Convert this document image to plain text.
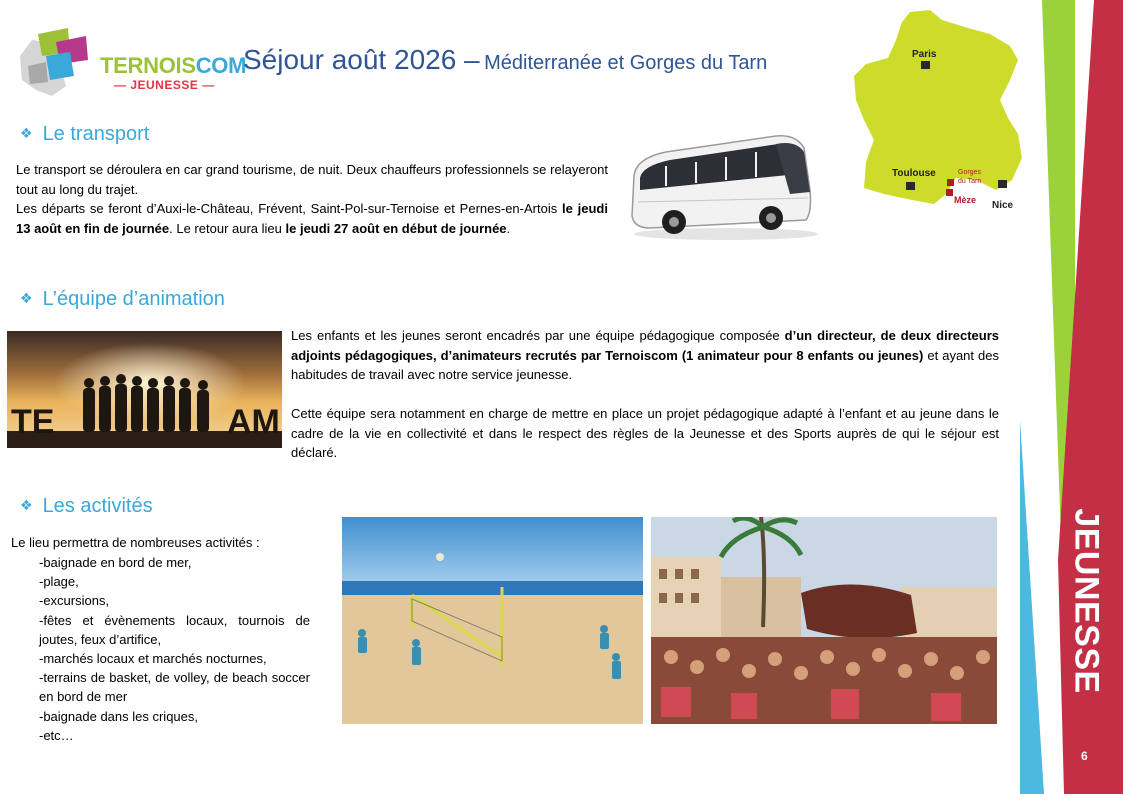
TERNOISCOM
— JEUNESSE —
Séjour août 2026 – Méditerranée et Gorges du Tarn	Paris
Toulouse
Nice
Gorges
du Tarn
Mèze
❖ Le transport
Le transport se déroulera en car grand tourisme, de nuit. Deux chauffeurs professionnels se relayeront tout au long du trajet.
Les départs se feront d’Auxi-le-Château, Frévent, Saint-Pol-sur-Ternoise et Pernes-en-Artois le jeudi 13 août en fin de journée. Le retour aura lieu le jeudi 27 août en début de journée.
❖ L’équipe d’animation
TE	AM
Les enfants et les jeunes seront encadrés par une équipe pédagogique composée d’un directeur, de deux directeurs adjoints pédagogiques, d’animateurs recrutés par Ternoiscom (1 animateur pour 8 enfants ou jeunes) et ayant des habitudes de travail avec notre service jeunesse.

Cette équipe sera notamment en charge de mettre en place un projet pédagogique adapté à l’enfant et au jeune dans le cadre de la vie en collectivité et dans le respect des règles de la Jeunesse et des Sports auprès de qui le séjour est déclaré.
❖ Les activités
Le lieu permettra de nombreuses activités :
-baignade en bord de mer,
-plage,
-excursions,
-fêtes et évènements locaux, tournois de joutes, feux d’artifice,
-marchés locaux et marchés nocturnes,
-terrains de basket, de volley, de beach soccer en bord de mer
-baignade dans les criques,
-etc…
JEUNESSE
6
